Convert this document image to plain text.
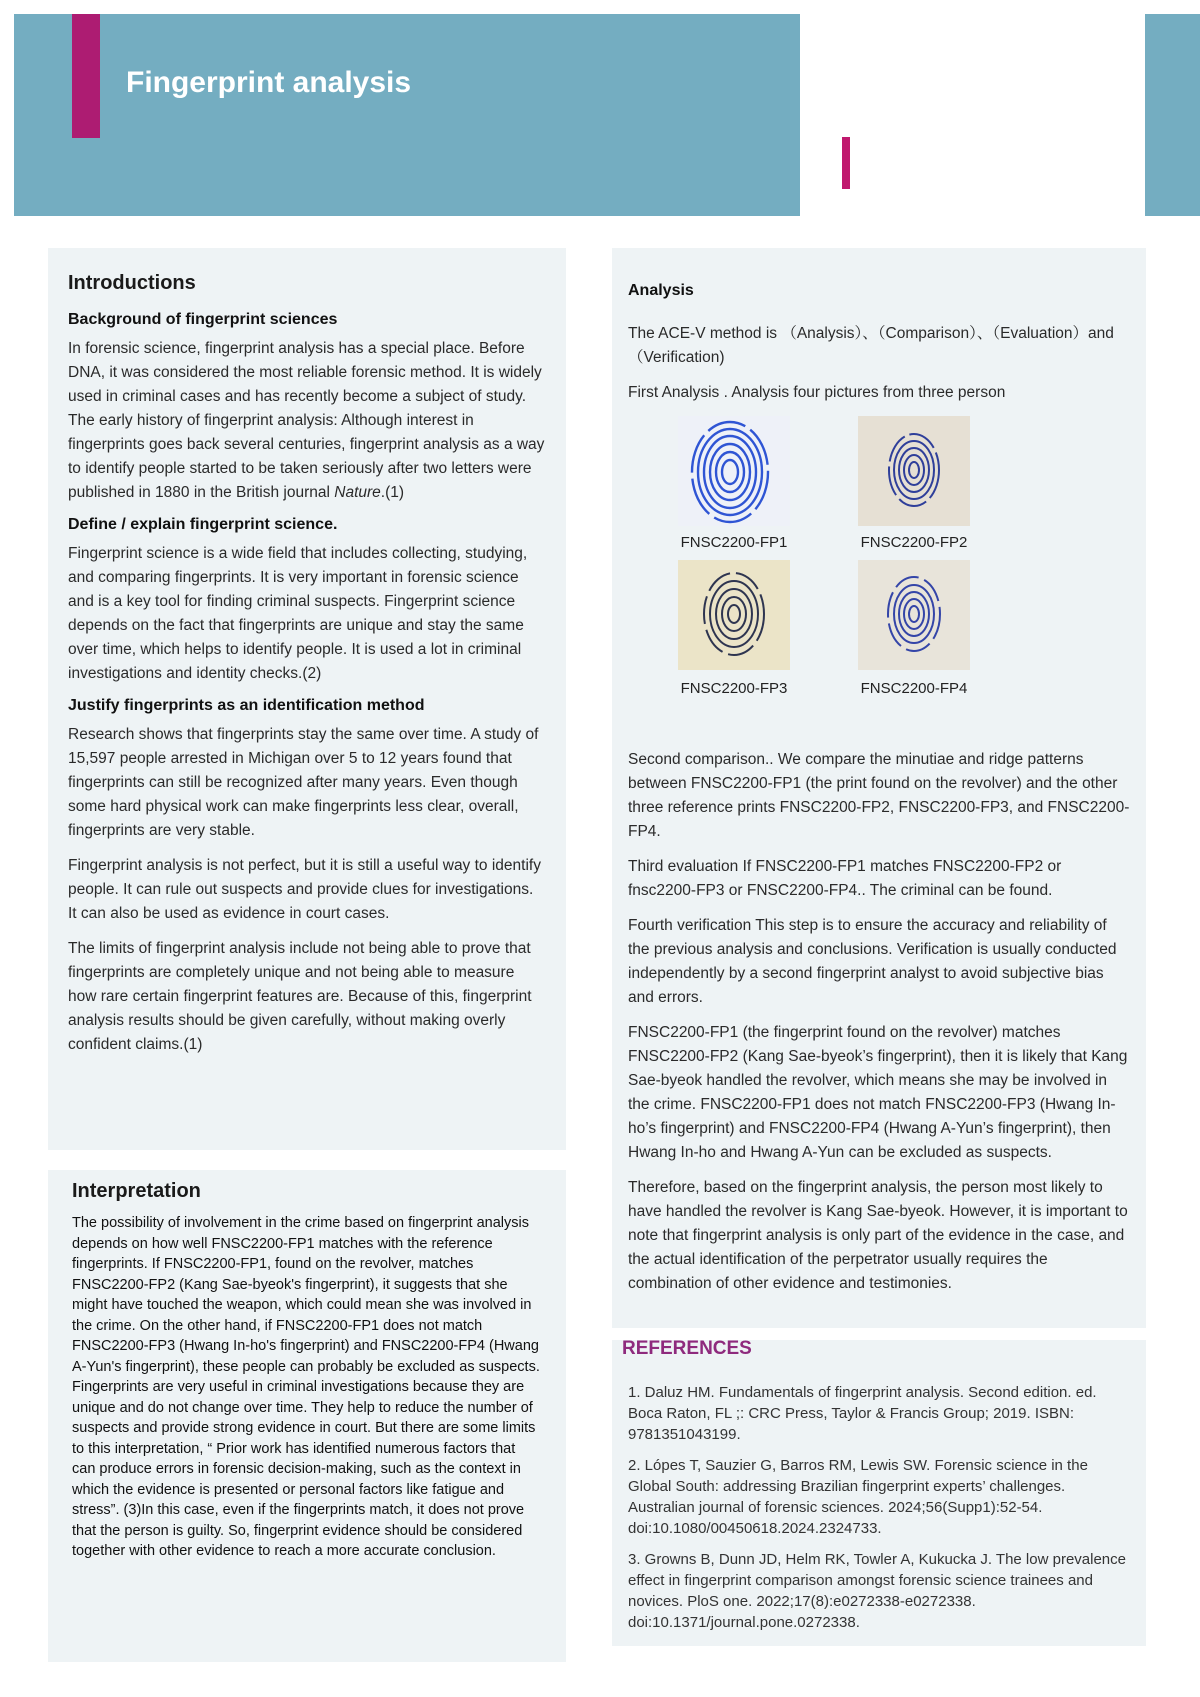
Fingerprint analysis
Introductions
Background of fingerprint sciences

In forensic science, fingerprint analysis has a special place. Before DNA, it was considered the most reliable forensic method. It is widely used in criminal cases and has recently become a subject of study. The early history of fingerprint analysis: Although interest in fingerprints goes back several centuries, fingerprint analysis as a way to identify people started to be taken seriously after two letters were published in 1880 in the British journal Nature.(1)

Define / explain fingerprint science.

Fingerprint science is a wide field that includes collecting, studying, and comparing fingerprints. It is very important in forensic science and is a key tool for finding criminal suspects. Fingerprint science depends on the fact that fingerprints are unique and stay the same over time, which helps to identify people. It is used a lot in criminal investigations and identity checks.(2)

Justify fingerprints as an identification method

Research shows that fingerprints stay the same over time. A study of 15,597 people arrested in Michigan over 5 to 12 years found that fingerprints can still be recognized after many years. Even though some hard physical work can make fingerprints less clear, overall, fingerprints are very stable.

Fingerprint analysis is not perfect, but it is still a useful way to identify people. It can rule out suspects and provide clues for investigations. It can also be used as evidence in court cases.

The limits of fingerprint analysis include not being able to prove that fingerprints are completely unique and not being able to measure how rare certain fingerprint features are. Because of this, fingerprint analysis results should be given carefully, without making overly confident claims.(1)

Interpretation

The possibility of involvement in the crime based on fingerprint analysis depends on how well FNSC2200-FP1 matches with the reference fingerprints. If FNSC2200-FP1, found on the revolver, matches FNSC2200-FP2 (Kang Sae-byeok's fingerprint), it suggests that she might have touched the weapon, which could mean she was involved in the crime. On the other hand, if FNSC2200-FP1 does not match FNSC2200-FP3 (Hwang In-ho's fingerprint) and FNSC2200-FP4 (Hwang A-Yun's fingerprint), these people can probably be excluded as suspects. Fingerprints are very useful in criminal investigations because they are unique and do not change over time. They help to reduce the number of suspects and provide strong evidence in court. But there are some limits to this interpretation, “ Prior work has identified numerous factors that can produce errors in forensic decision-making, such as the context in which the evidence is presented or personal factors like fatigue and stress”. (3)In this case, even if the fingerprints match, it does not prove that the person is guilty. So, fingerprint evidence should be considered together with other evidence to reach a more accurate conclusion.

Analysis

The ACE-V method is （Analysis）、（Comparison）、（Evaluation）and（Verification)

First Analysis . Analysis four pictures from three person

FNSC2200-FP1	FNSC2200-FP2
FNSC2200-FP3	FNSC2200-FP4

Second comparison.. We compare the minutiae and ridge patterns between FNSC2200-FP1 (the print found on the revolver) and the other three reference prints FNSC2200-FP2, FNSC2200-FP3, and FNSC2200-FP4.

Third evaluation If FNSC2200-FP1 matches FNSC2200-FP2 or fnsc2200-FP3 or FNSC2200-FP4.. The criminal can be found.

Fourth verification This step is to ensure the accuracy and reliability of the previous analysis and conclusions. Verification is usually conducted independently by a second fingerprint analyst to avoid subjective bias and errors.

FNSC2200-FP1 (the fingerprint found on the revolver) matches FNSC2200-FP2 (Kang Sae-byeok’s fingerprint), then it is likely that Kang Sae-byeok handled the revolver, which means she may be involved in the crime. FNSC2200-FP1 does not match FNSC2200-FP3 (Hwang In-ho’s fingerprint) and FNSC2200-FP4 (Hwang A-Yun’s fingerprint), then Hwang In-ho and Hwang A-Yun can be excluded as suspects.

Therefore, based on the fingerprint analysis, the person most likely to have handled the revolver is Kang Sae-byeok. However, it is important to note that fingerprint analysis is only part of the evidence in the case, and the actual identification of the perpetrator usually requires the combination of other evidence and testimonies.

1. Daluz HM. Fundamentals of fingerprint analysis. Second edition. ed. Boca Raton, FL ;: CRC Press, Taylor & Francis Group; 2019. ISBN: 9781351043199.

2. Lópes T, Sauzier G, Barros RM, Lewis SW. Forensic science in the Global South: addressing Brazilian fingerprint experts’ challenges. Australian journal of forensic sciences. 2024;56(Supp1):52-54. doi:10.1080/00450618.2024.2324733.

3. Growns B, Dunn JD, Helm RK, Towler A, Kukucka J. The low prevalence effect in fingerprint comparison amongst forensic science trainees and novices. PloS one. 2022;17(8):e0272338-e0272338. doi:10.1371/journal.pone.0272338.

REFERENCES
